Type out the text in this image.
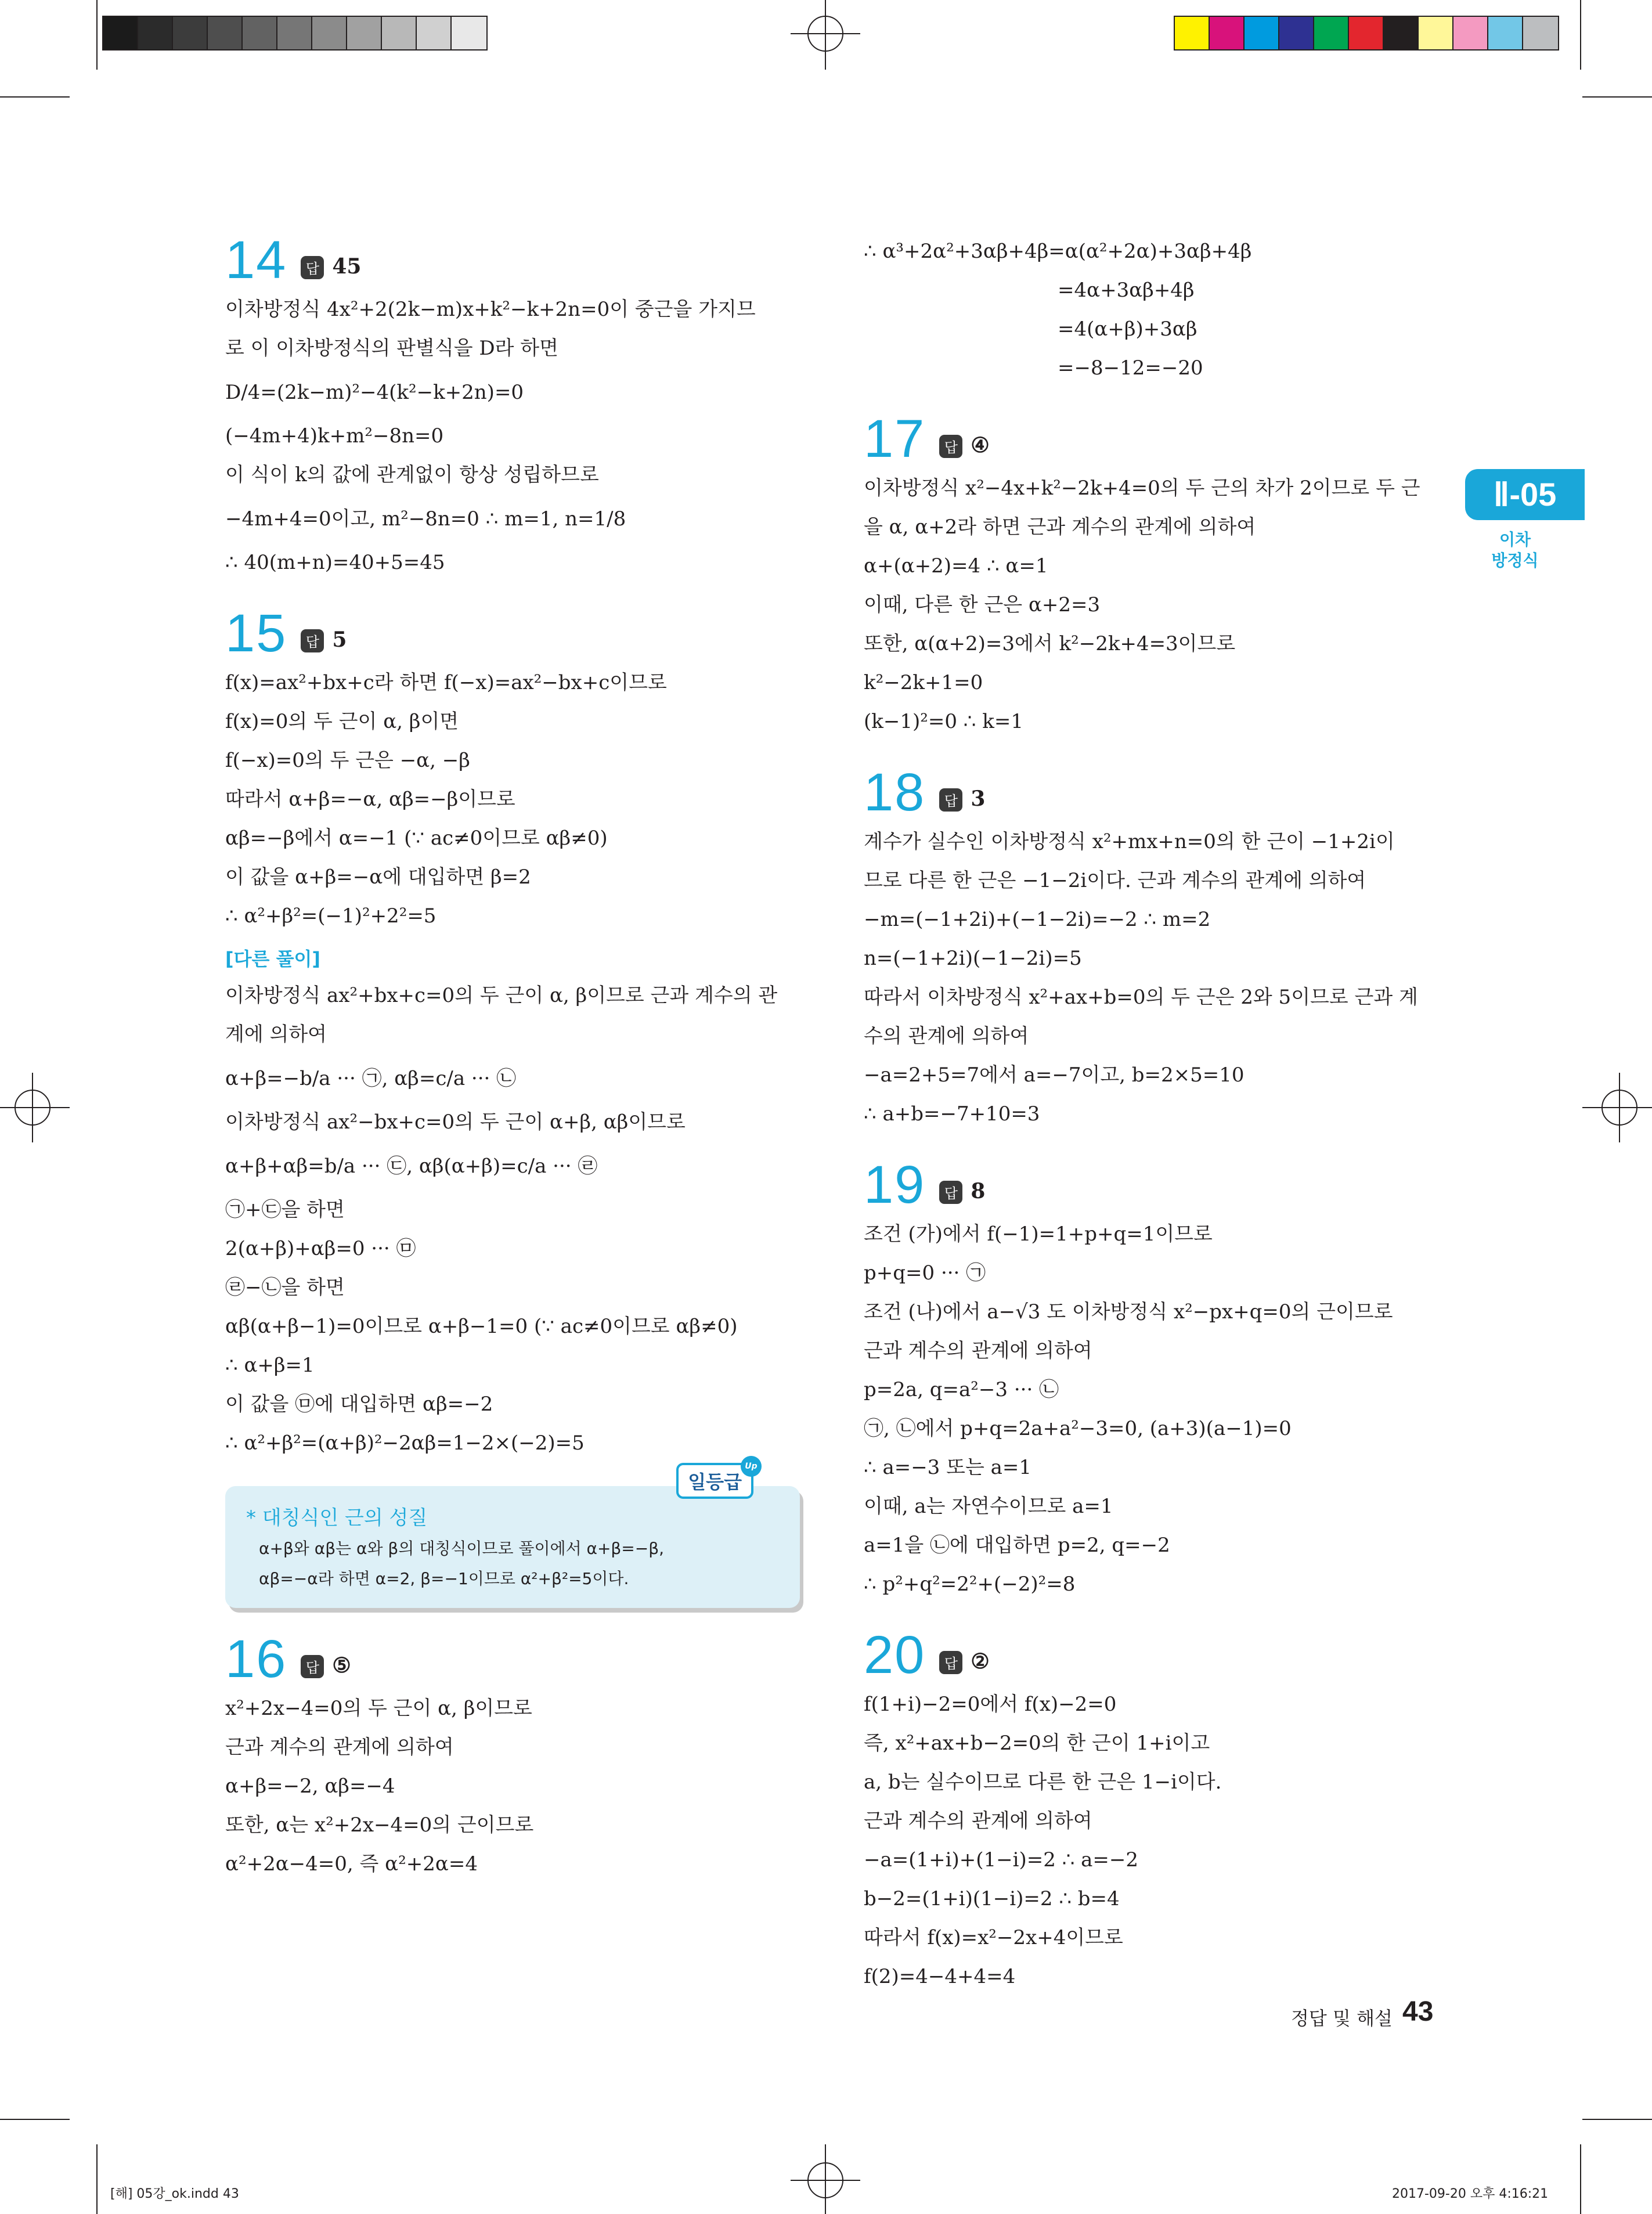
14	답 45
이차방정식 4x²+2(2k−m)x+k²−k+2n=0이 중근을 가지므
로 이 이차방정식의 판별식을 D라 하면
D/4=(2k−m)²−4(k²−k+2n)=0
(−4m+4)k+m²−8n=0
이 식이 k의 값에 관계없이 항상 성립하므로
−4m+4=0이고, m²−8n=0 ∴ m=1, n=1/8
∴ 40(m+n)=40+5=45
15	답 5
f(x)=ax²+bx+c라 하면 f(−x)=ax²−bx+c이므로
f(x)=0의 두 근이 α, β이면
f(−x)=0의 두 근은 −α, −β
따라서 α+β=−α, αβ=−β이므로
αβ=−β에서 α=−1 (∵ ac≠0이므로 αβ≠0)
이 값을 α+β=−α에 대입하면 β=2
∴ α²+β²=(−1)²+2²=5
[다른 풀이]
이차방정식 ax²+bx+c=0의 두 근이 α, β이므로 근과 계수의 관
계에 의하여
α+β=−b/a ··· ㉠, αβ=c/a ··· ㉡
이차방정식 ax²−bx+c=0의 두 근이 α+β, αβ이므로
α+β+αβ=b/a ··· ㉢, αβ(α+β)=c/a ··· ㉣
㉠+㉢을 하면
2(α+β)+αβ=0 ··· ㉤
㉣−㉡을 하면
αβ(α+β−1)=0이므로 α+β−1=0 (∵ ac≠0이므로 αβ≠0)
∴ α+β=1
이 값을 ㉤에 대입하면 αβ=−2
∴ α²+β²=(α+β)²−2αβ=1−2×(−2)=5
일등급
Up
* 대칭식인 근의 성질
α+β와 αβ는 α와 β의 대칭식이므로 풀이에서 α+β=−β,
αβ=−α라 하면 α=2, β=−1이므로 α²+β²=5이다.
16	답 ⑤
x²+2x−4=0의 두 근이 α, β이므로
근과 계수의 관계에 의하여
α+β=−2, αβ=−4
또한, α는 x²+2x−4=0의 근이므로
α²+2α−4=0, 즉 α²+2α=4
∴ α³+2α²+3αβ+4β=α(α²+2α)+3αβ+4β
=4α+3αβ+4β
=4(α+β)+3αβ
=−8−12=−20
17	답 ④
이차방정식 x²−4x+k²−2k+4=0의 두 근의 차가 2이므로 두 근
을 α, α+2라 하면 근과 계수의 관계에 의하여
α+(α+2)=4 ∴ α=1
이때, 다른 한 근은 α+2=3
또한, α(α+2)=3에서 k²−2k+4=3이므로
k²−2k+1=0
(k−1)²=0 ∴ k=1
18	답 3
계수가 실수인 이차방정식 x²+mx+n=0의 한 근이 −1+2i이
므로 다른 한 근은 −1−2i이다. 근과 계수의 관계에 의하여
−m=(−1+2i)+(−1−2i)=−2 ∴ m=2
n=(−1+2i)(−1−2i)=5
따라서 이차방정식 x²+ax+b=0의 두 근은 2와 5이므로 근과 계
수의 관계에 의하여
−a=2+5=7에서 a=−7이고, b=2×5=10
∴ a+b=−7+10=3
19	답 8
조건 (가)에서 f(−1)=1+p+q=1이므로
p+q=0 ··· ㉠
조건 (나)에서 a−√3 도 이차방정식 x²−px+q=0의 근이므로
근과 계수의 관계에 의하여
p=2a, q=a²−3 ··· ㉡
㉠, ㉡에서 p+q=2a+a²−3=0, (a+3)(a−1)=0
∴ a=−3 또는 a=1
이때, a는 자연수이므로 a=1
a=1을 ㉡에 대입하면 p=2, q=−2
∴ p²+q²=2²+(−2)²=8
20	답 ②
f(1+i)−2=0에서 f(x)−2=0
즉, x²+ax+b−2=0의 한 근이 1+i이고
a, b는 실수이므로 다른 한 근은 1−i이다.
근과 계수의 관계에 의하여
−a=(1+i)+(1−i)=2 ∴ a=−2
b−2=(1+i)(1−i)=2 ∴ b=4
따라서 f(x)=x²−2x+4이므로
f(2)=4−4+4=4
Ⅱ-05
이차
방정식
정답 및 해설 43
[해] 05강_ok.indd 43	2017-09-20 오후 4:16:21
